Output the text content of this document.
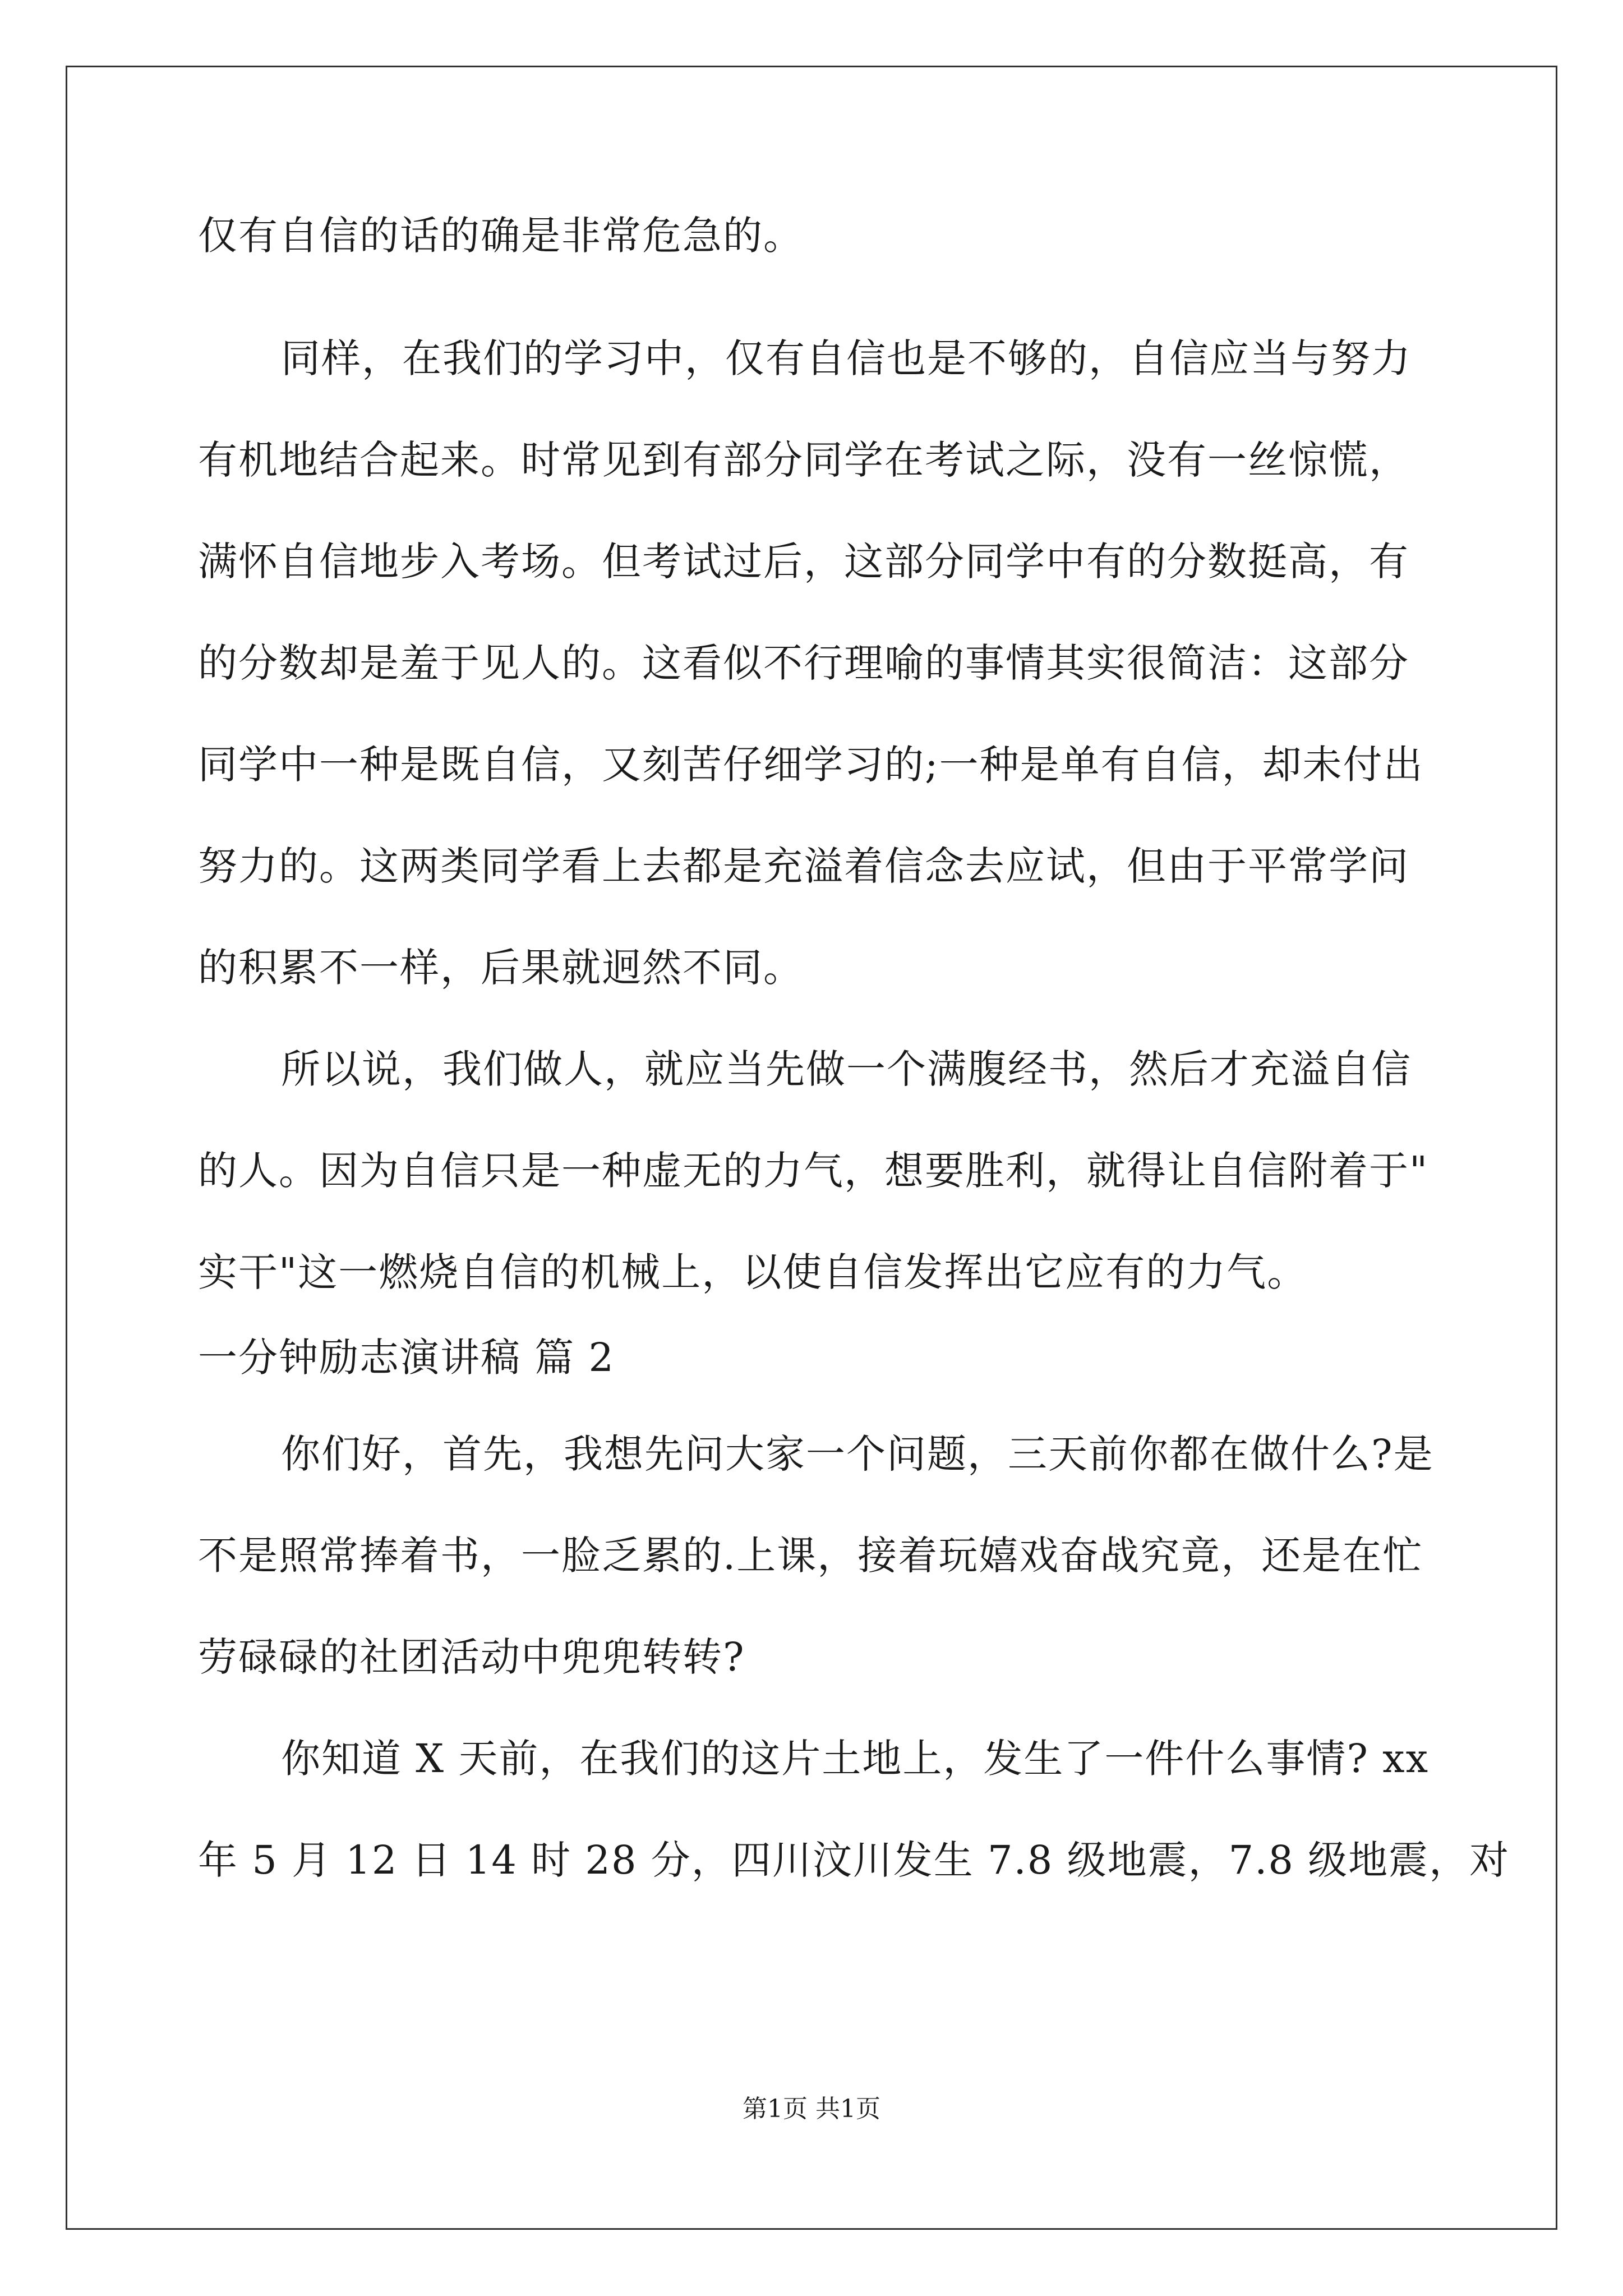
仅有自信的话的确是非常危急的。
同样，在我们的学习中，仅有自信也是不够的，自信应当与努力
有机地结合起来。时常见到有部分同学在考试之际，没有一丝惊慌，
满怀自信地步入考场。但考试过后，这部分同学中有的分数挺高，有
的分数却是羞于见人的。这看似不行理喻的事情其实很简洁：这部分
同学中一种是既自信，又刻苦仔细学习的;一种是单有自信，却未付出
努力的。这两类同学看上去都是充溢着信念去应试，但由于平常学问
的积累不一样，后果就迥然不同。
所以说，我们做人，就应当先做一个满腹经书，然后才充溢自信
的人。因为自信只是一种虚无的力气，想要胜利，就得让自信附着于"
实干"这一燃烧自信的机械上，以使自信发挥出它应有的力气。
一分钟励志演讲稿 篇 2
你们好，首先，我想先问大家一个问题，三天前你都在做什么?是
不是照常捧着书，一脸乏累的.上课，接着玩嬉戏奋战究竟，还是在忙
劳碌碌的社团活动中兜兜转转?
你知道 X 天前，在我们的这片土地上，发生了一件什么事情? xx
年 5 月 12 日 14 时 28 分，四川汶川发生 7.8 级地震，7.8 级地震，对
第1页 共1页
